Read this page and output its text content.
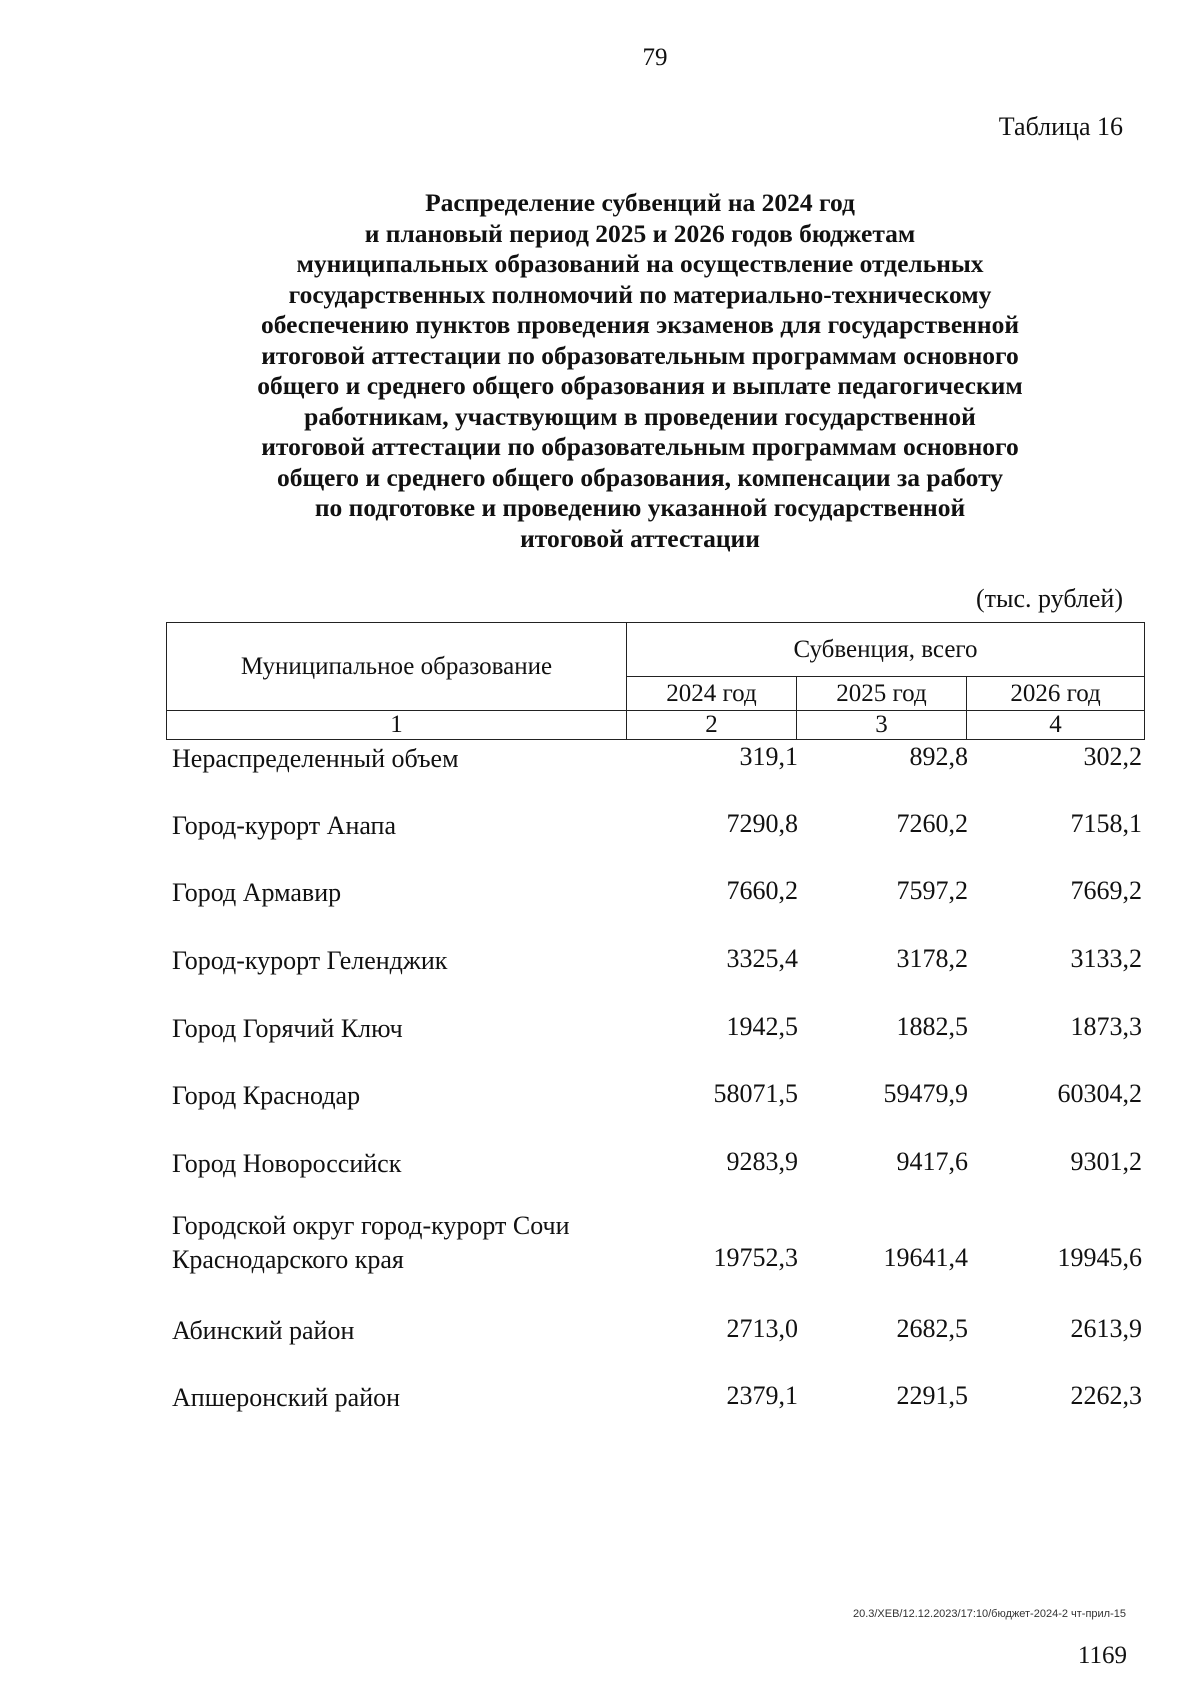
79
Таблица 16
Распределение субвенций на 2024 год
и плановый период 2025 и 2026 годов бюджетам
муниципальных образований на осуществление отдельных
государственных полномочий по материально-техническому
обеспечению пунктов проведения экзаменов для государственной
итоговой аттестации по образовательным программам основного
общего и среднего общего образования и выплате педагогическим
работникам, участвующим в проведении государственной
итоговой аттестации по образовательным программам основного
общего и среднего общего образования, компенсации за работу
по подготовке и проведению указанной государственной
итоговой аттестации
(тыс. рублей)
Муниципальное образование	Субвенция, всего		
	2024 год	2025 год	2026 год
1	2	3	4
Нераспределенный объем	319,1	892,8	302,2
Город-курорт Анапа	7290,8	7260,2	7158,1
Город Армавир	7660,2	7597,2	7669,2
Город-курорт Геленджик	3325,4	3178,2	3133,2
Город Горячий Ключ	1942,5	1882,5	1873,3
Город Краснодар	58071,5	59479,9	60304,2
Город Новороссийск	9283,9	9417,6	9301,2
Городской округ город-курорт Сочи
Краснодарского края	19752,3	19641,4	19945,6
Абинский район	2713,0	2682,5	2613,9
Апшеронский район	2379,1	2291,5	2262,3
20.3/ХЕВ/12.12.2023/17:10/бюджет-2024-2 чт-прил-15
1169
